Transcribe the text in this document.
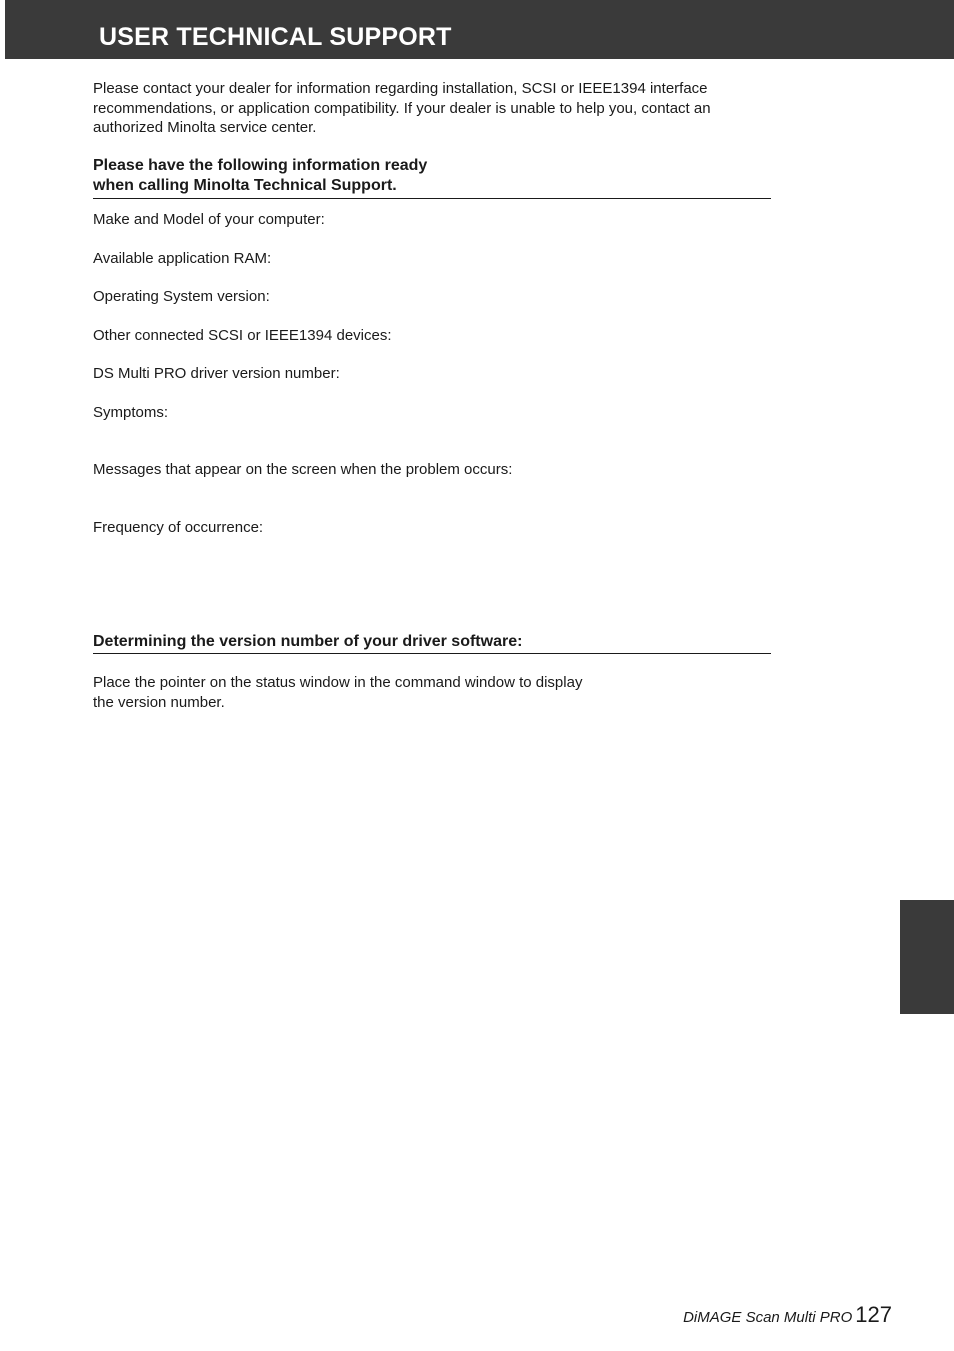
USER TECHNICAL SUPPORT

Please contact your dealer for information regarding installation, SCSI or IEEE1394 interface recommendations, or application compatibility. If your dealer is unable to help you, contact an authorized Minolta service center.

Please have the following information ready
when calling Minolta Technical Support.

Make and Model of your computer:

Available application RAM:

Operating System version:

Other connected SCSI or IEEE1394 devices:

DS Multi PRO driver version number:

Symptoms:

Messages that appear on the screen when the problem occurs:

Frequency of occurrence:

Determining the version number of your driver software:

Place the pointer on the status window in the command window to display
the version number.

DiMAGE Scan Multi PRO 127
